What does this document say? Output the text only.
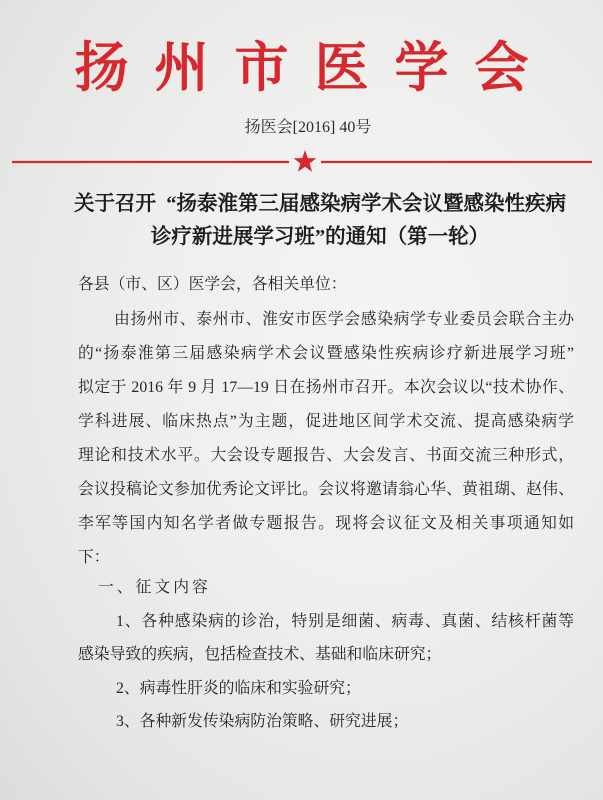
扬州市医学会
扬医会[2016] 40号
关于召开  “扬泰淮第三届感染病学术会议暨感染性疾病
诊疗新进展学习班”的通知（第一轮）
各县（市、区）医学会，各相关单位：
由扬州市、泰州市、淮安市医学会感染病学专业委员会联合主办
的“扬泰淮第三届感染病学术会议暨感染性疾病诊疗新进展学习班”
拟定于 2016 年 9 月 17—19 日在扬州市召开。本次会议以“技术协作、
学科进展、临床热点”为主题，促进地区间学术交流、提高感染病学
理论和技术水平。大会设专题报告、大会发言、书面交流三种形式，
会议投稿论文参加优秀论文评比。会议将邀请翁心华、黄祖瑚、赵伟、
李军等国内知名学者做专题报告。现将会议征文及相关事项通知如
下：
一、征文内容
1、各种感染病的诊治，特别是细菌、病毒、真菌、结核杆菌等
感染导致的疾病，包括检查技术、基础和临床研究；
2、病毒性肝炎的临床和实验研究；
3、各种新发传染病防治策略、研究进展；
